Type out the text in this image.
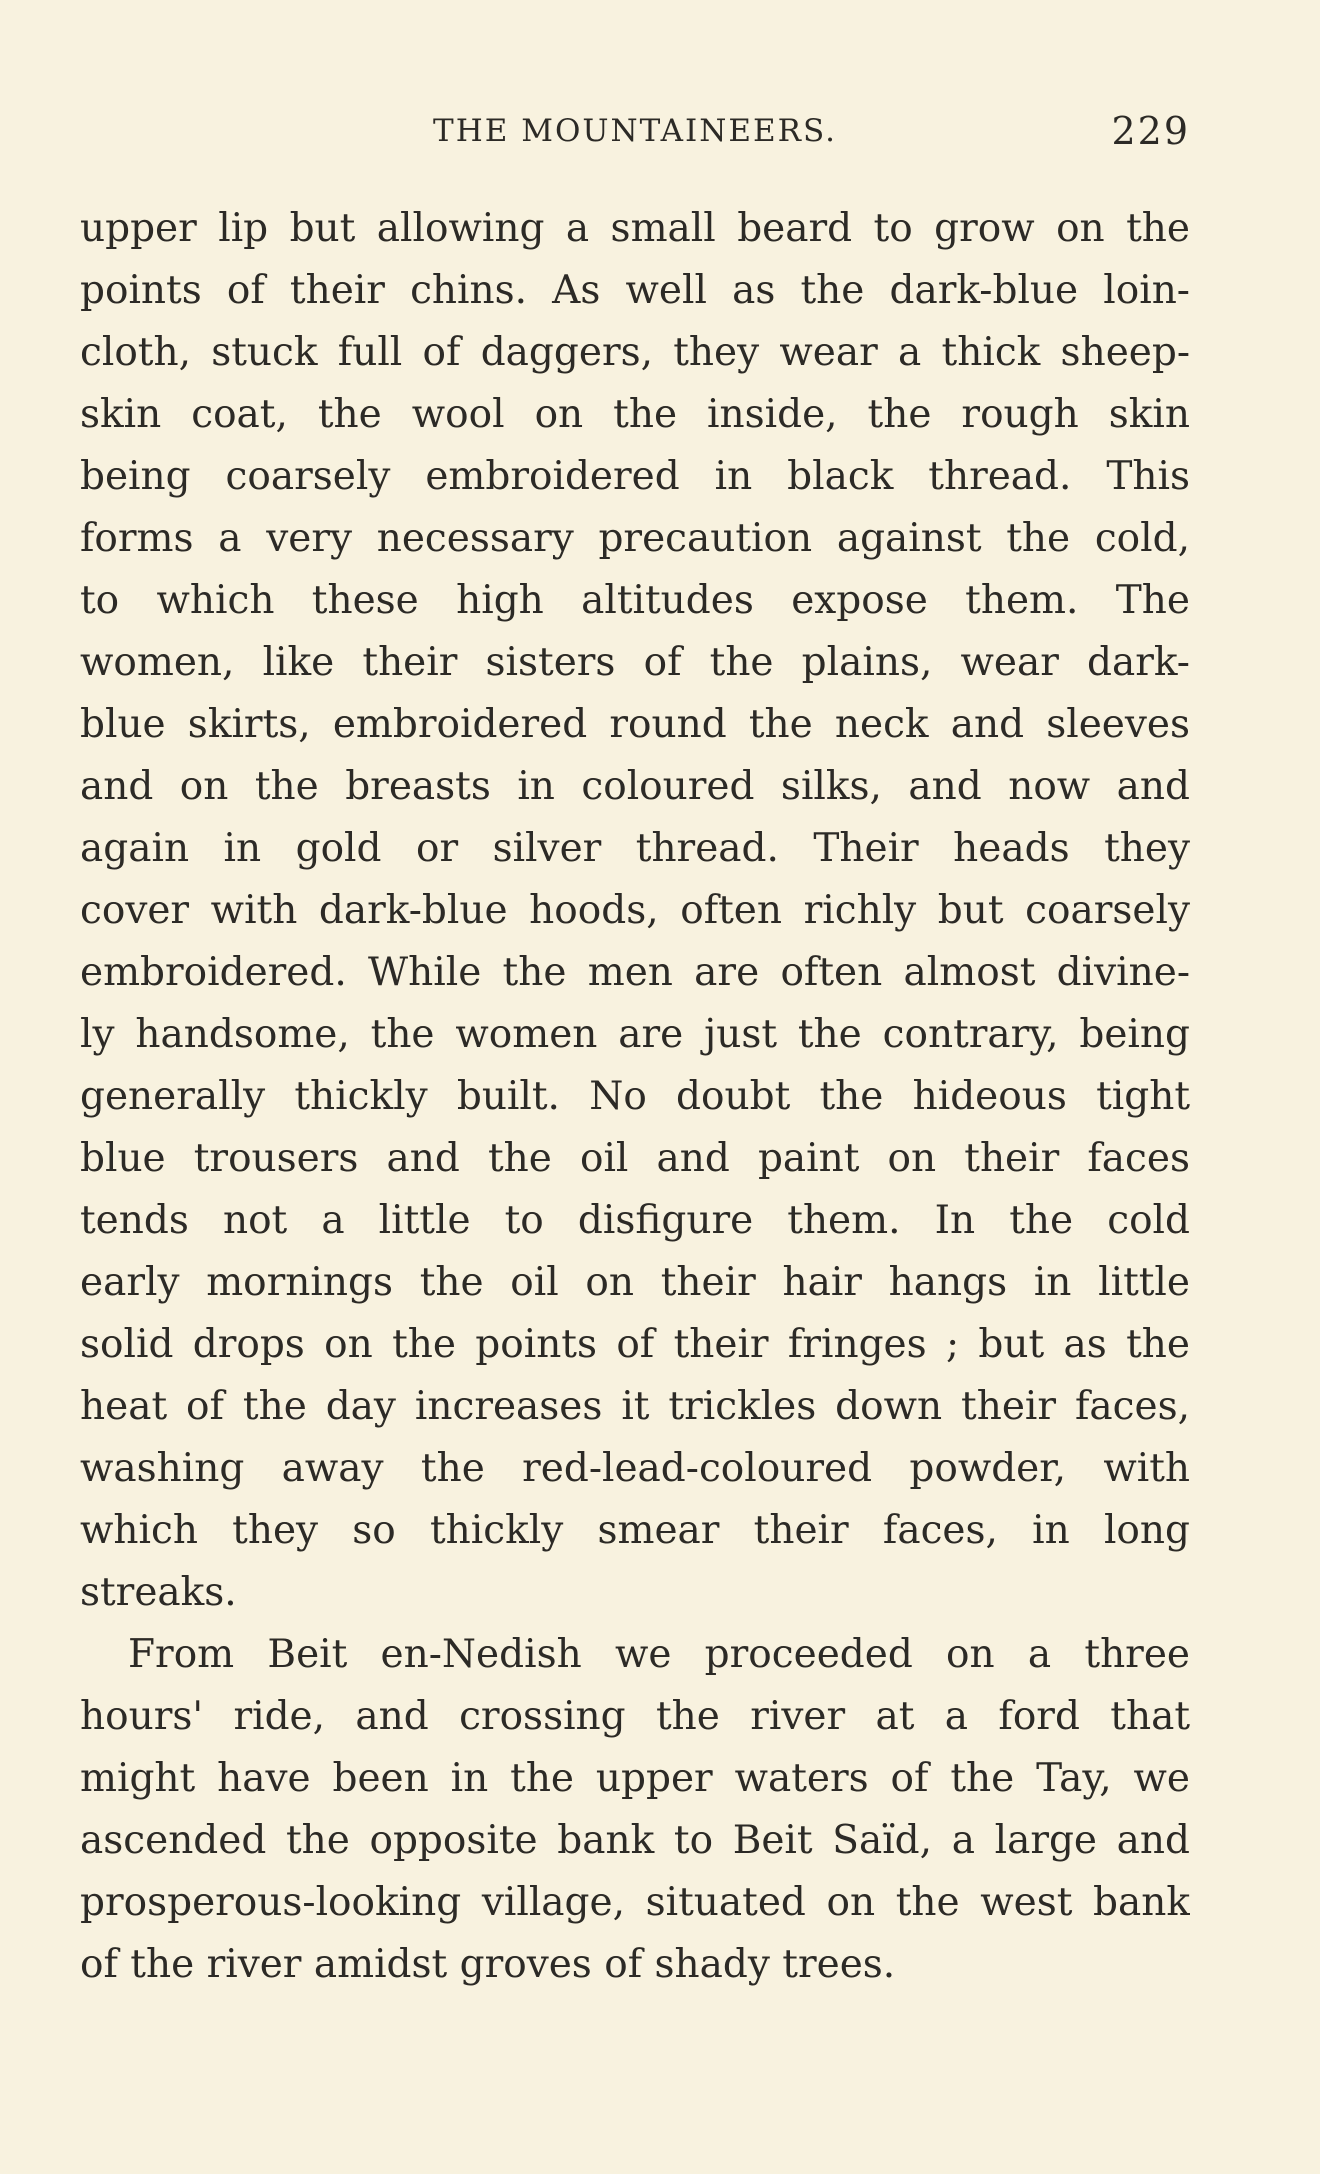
THE MOUNTAINEERS.	229
upper lip but allowing a small beard to grow on the
points of their chins. As well as the dark-blue loin-
cloth, stuck full of daggers, they wear a thick sheep-
skin coat, the wool on the inside, the rough skin
being coarsely embroidered in black thread. This
forms a very necessary precaution against the cold,
to which these high altitudes expose them. The
women, like their sisters of the plains, wear dark-
blue skirts, embroidered round the neck and sleeves
and on the breasts in coloured silks, and now and
again in gold or silver thread. Their heads they
cover with dark-blue hoods, often richly but coarsely
embroidered. While the men are often almost divine-
ly handsome, the women are just the contrary, being
generally thickly built. No doubt the hideous tight
blue trousers and the oil and paint on their faces
tends not a little to disfigure them. In the cold
early mornings the oil on their hair hangs in little
solid drops on the points of their fringes ; but as the
heat of the day increases it trickles down their faces,
washing away the red-lead-coloured powder, with
which they so thickly smear their faces, in long
streaks.
From Beit en-Nedish we proceeded on a three
hours' ride, and crossing the river at a ford that
might have been in the upper waters of the Tay, we
ascended the opposite bank to Beit Saïd, a large and
prosperous-looking village, situated on the west bank
of the river amidst groves of shady trees.
